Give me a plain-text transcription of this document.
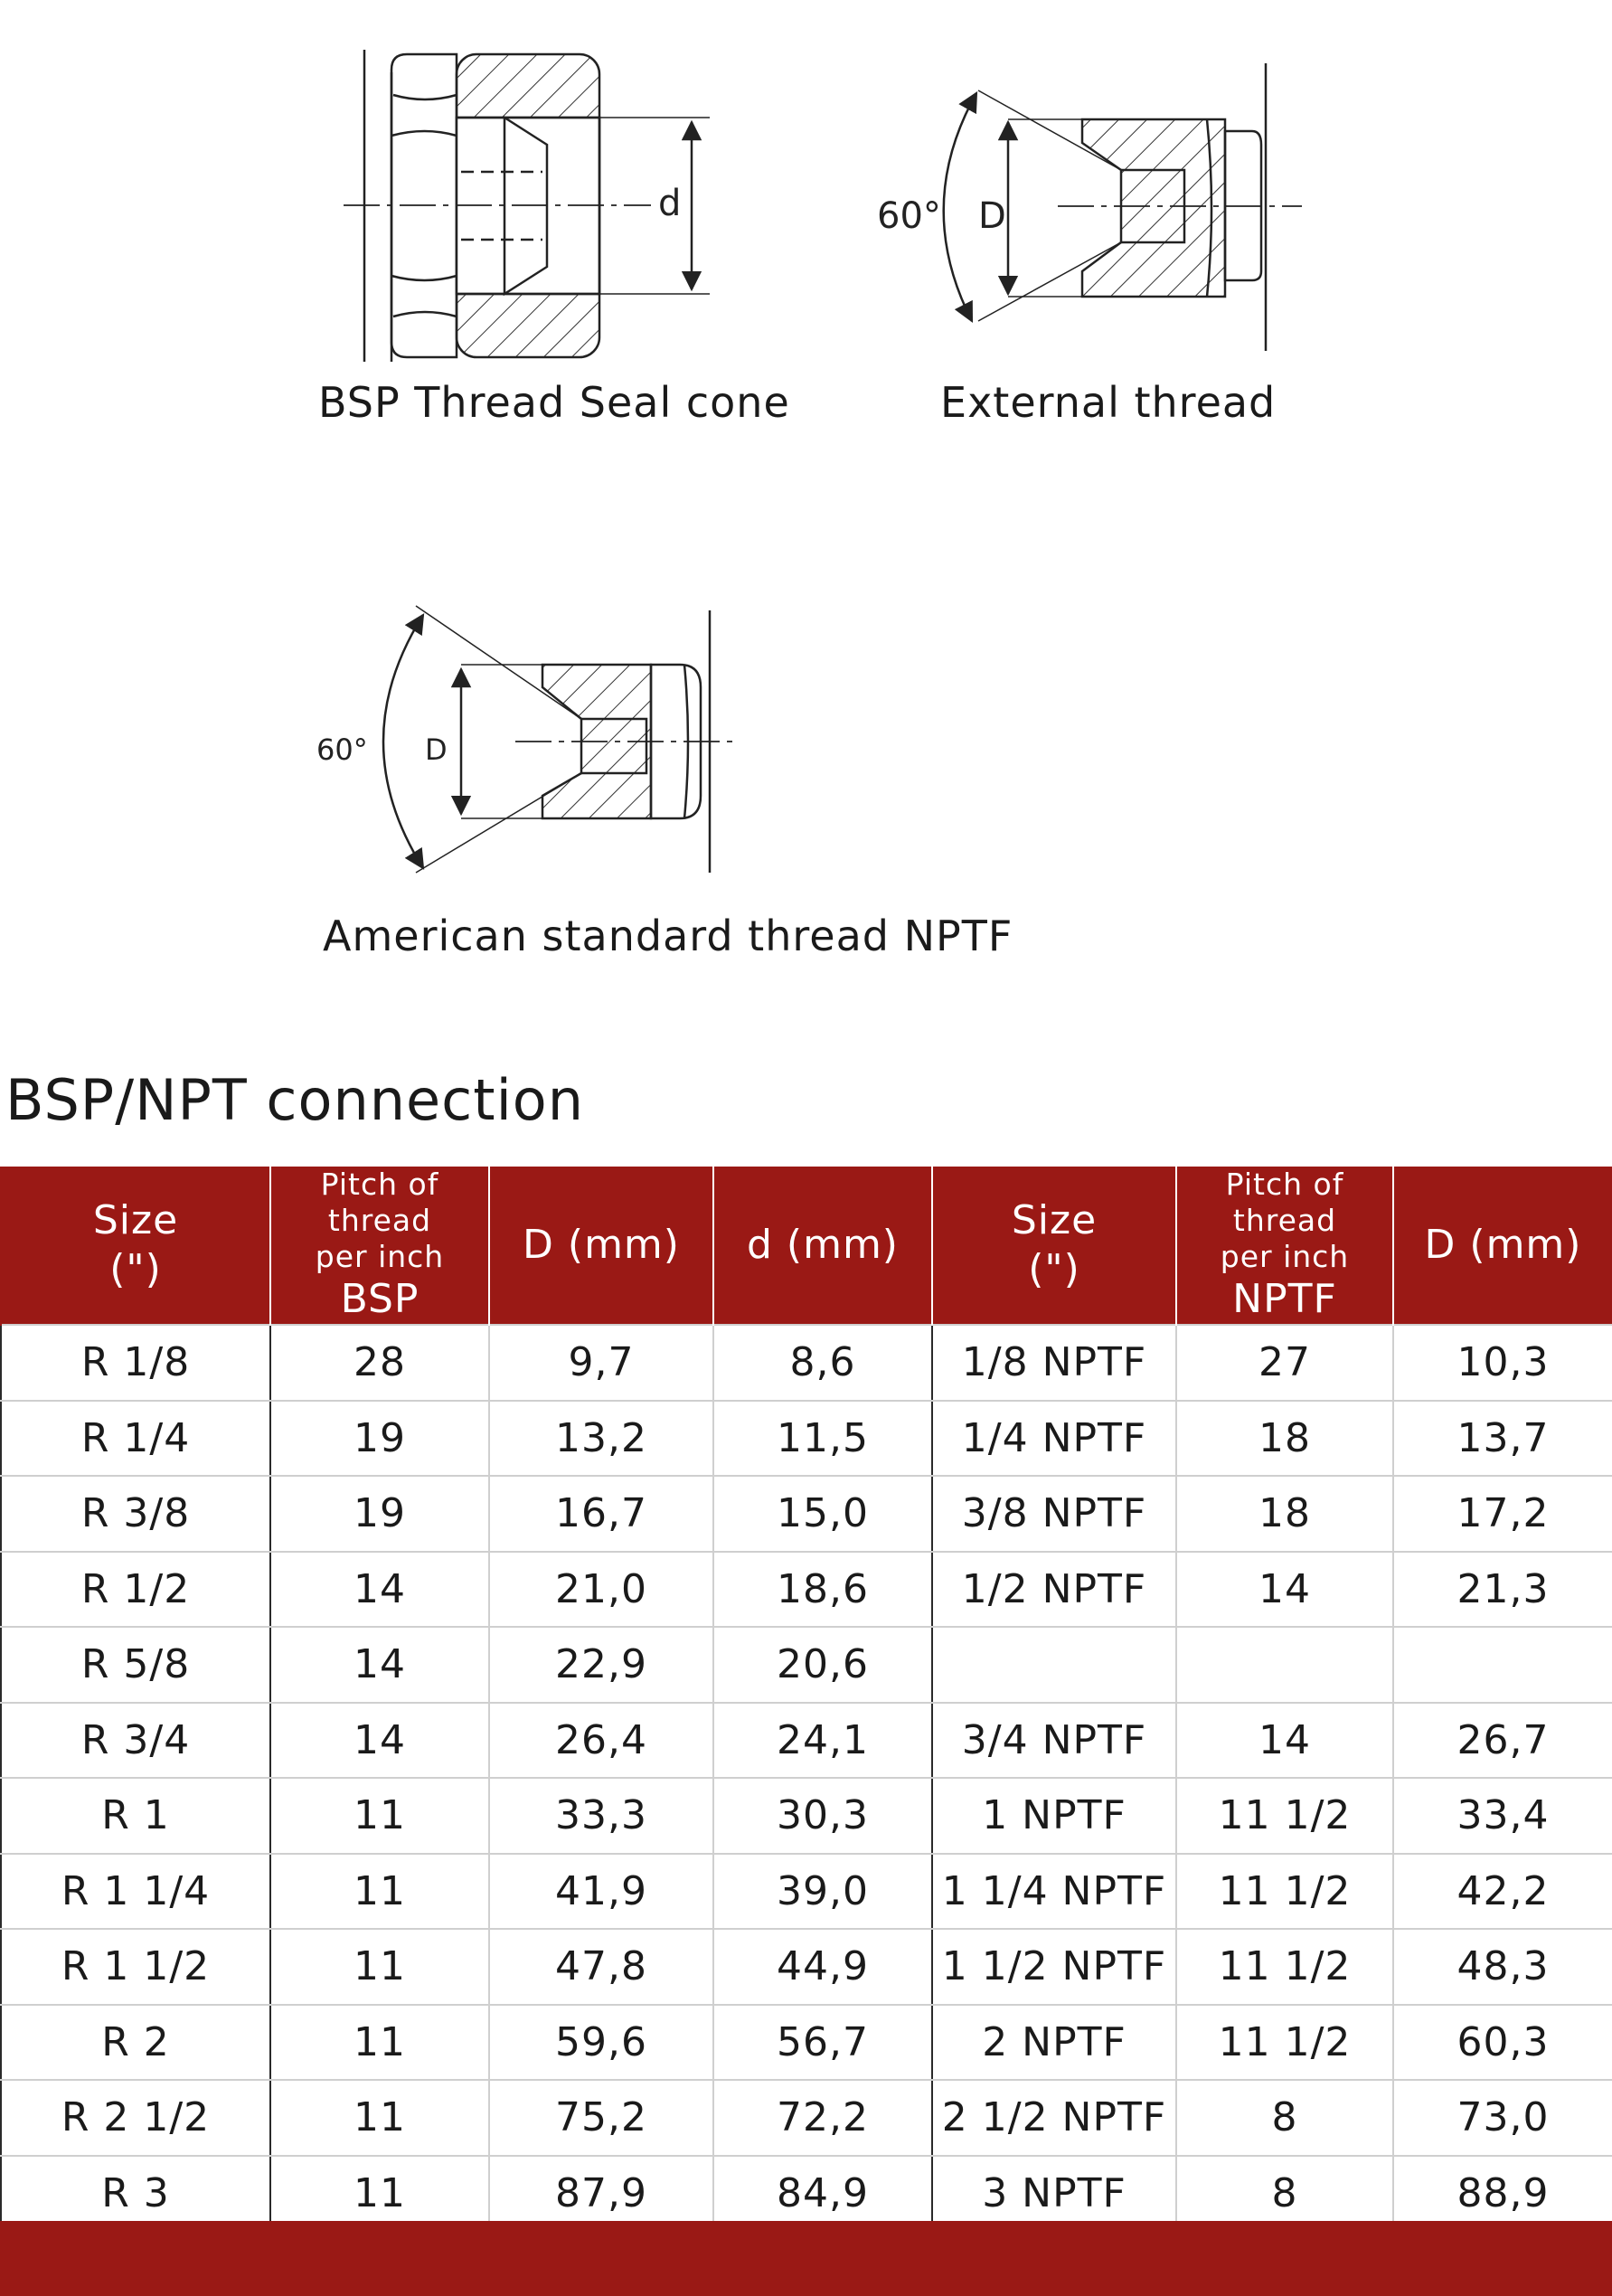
d	60° D
60° D
BSP Thread Seal cone	External thread
American standard thread NPTF
BSP/NPT connection
Size
(")	Pitch of thread
per inch
BSP	D (mm)	d (mm)	Size
(")	Pitch of thread
per inch
NPTF	D (mm)

R 1/8	28	9,7	8,6	1/8 NPTF	27	10,3
R 1/4	19	13,2	11,5	1/4 NPTF	18	13,7
R 3/8	19	16,7	15,0	3/8 NPTF	18	17,2
R 1/2	14	21,0	18,6	1/2 NPTF	14	21,3
R 5/8	14	22,9	20,6			
R 3/4	14	26,4	24,1	3/4 NPTF	14	26,7
R 1	11	33,3	30,3	1 NPTF	11 1/2	33,4
R 1 1/4	11	41,9	39,0	1 1/4 NPTF	11 1/2	42,2
R 1 1/2	11	47,8	44,9	1 1/2 NPTF	11 1/2	48,3
R 2	11	59,6	56,7	2 NPTF	11 1/2	60,3
R 2 1/2	11	75,2	72,2	2 1/2 NPTF	8	73,0
R 3	11	87,9	84,9	3 NPTF	8	88,9
